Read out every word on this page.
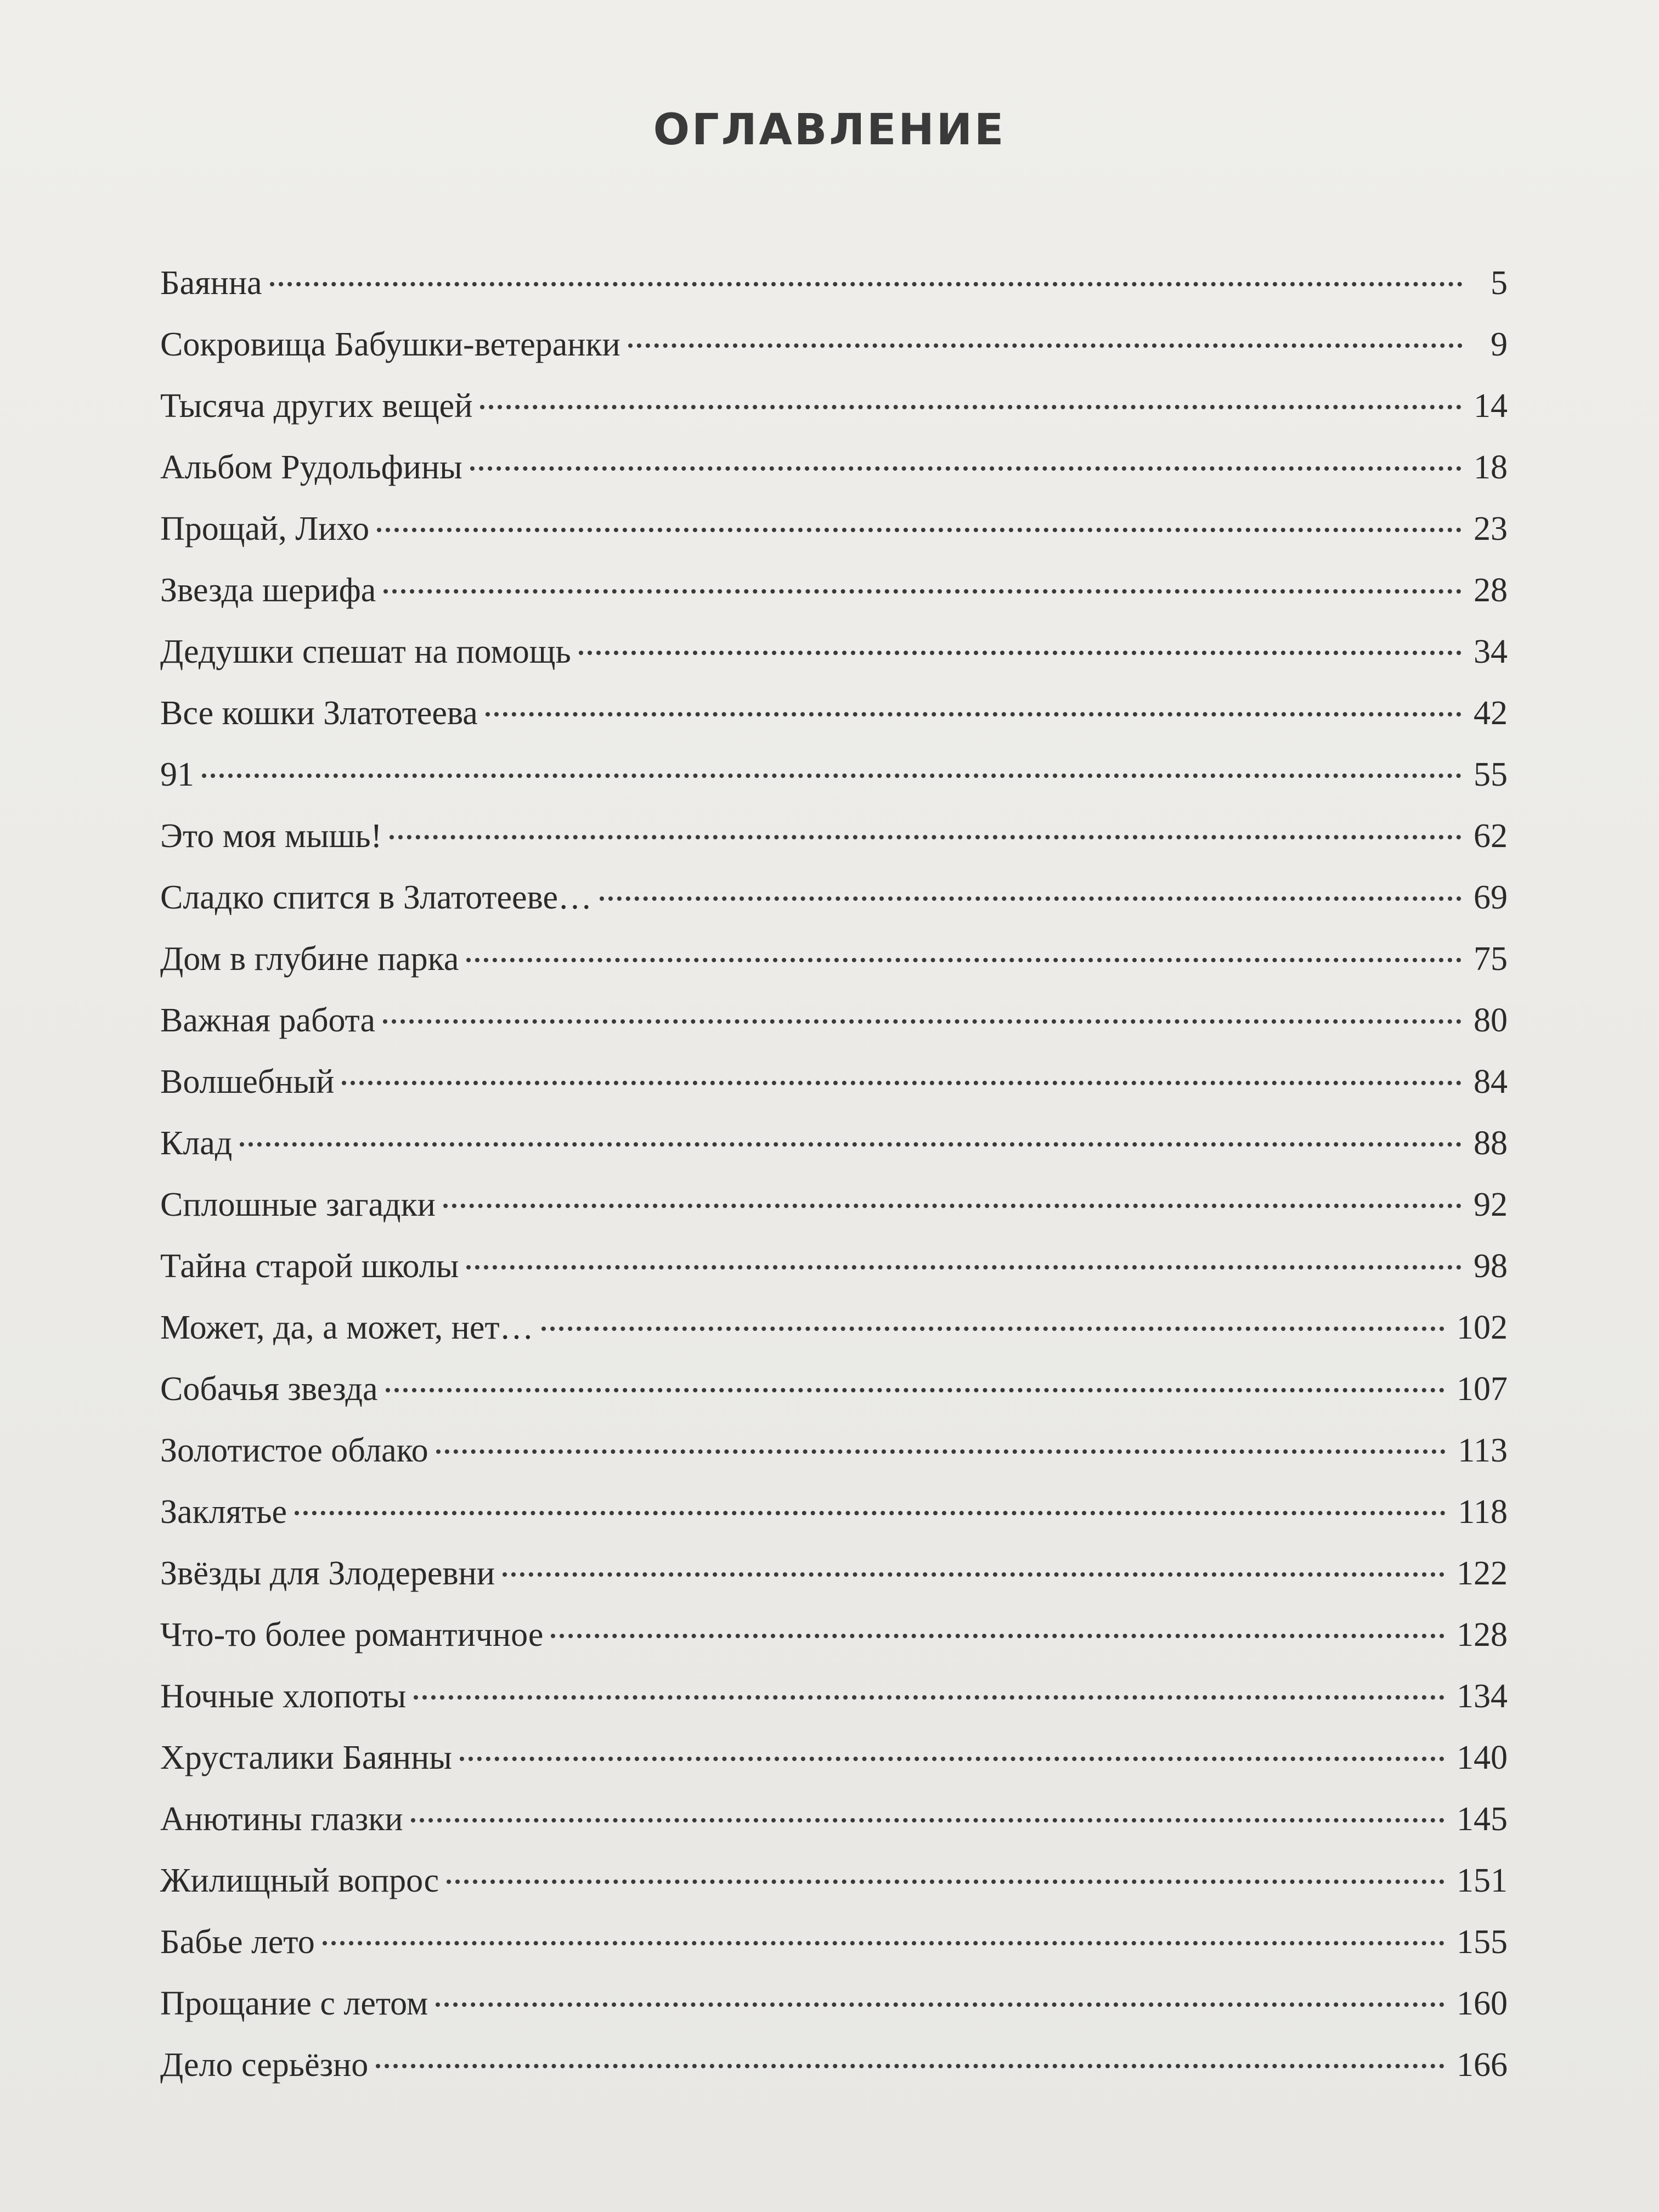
ОГЛАВЛЕНИЕ
Баянна	5
Сокровища Бабушки-ветеранки	9
Тысяча других вещей	14
Альбом Рудольфины	18
Прощай, Лихо	23
Звезда шерифа	28
Дедушки спешат на помощь	34
Все кошки Златотеева	42
91	55
Это моя мышь!	62
Сладко спится в Златотееве…	69
Дом в глубине парка	75
Важная работа	80
Волшебный	84
Клад	88
Сплошные загадки	92
Тайна старой школы	98
Может, да, а может, нет…	102
Собачья звезда	107
Золотистое облако	113
Заклятье	118
Звёзды для Злодеревни	122
Что-то более романтичное	128
Ночные хлопоты	134
Хрусталики Баянны	140
Анютины глазки	145
Жилищный вопрос	151
Бабье лето	155
Прощание с летом	160
Дело серьёзно	166
